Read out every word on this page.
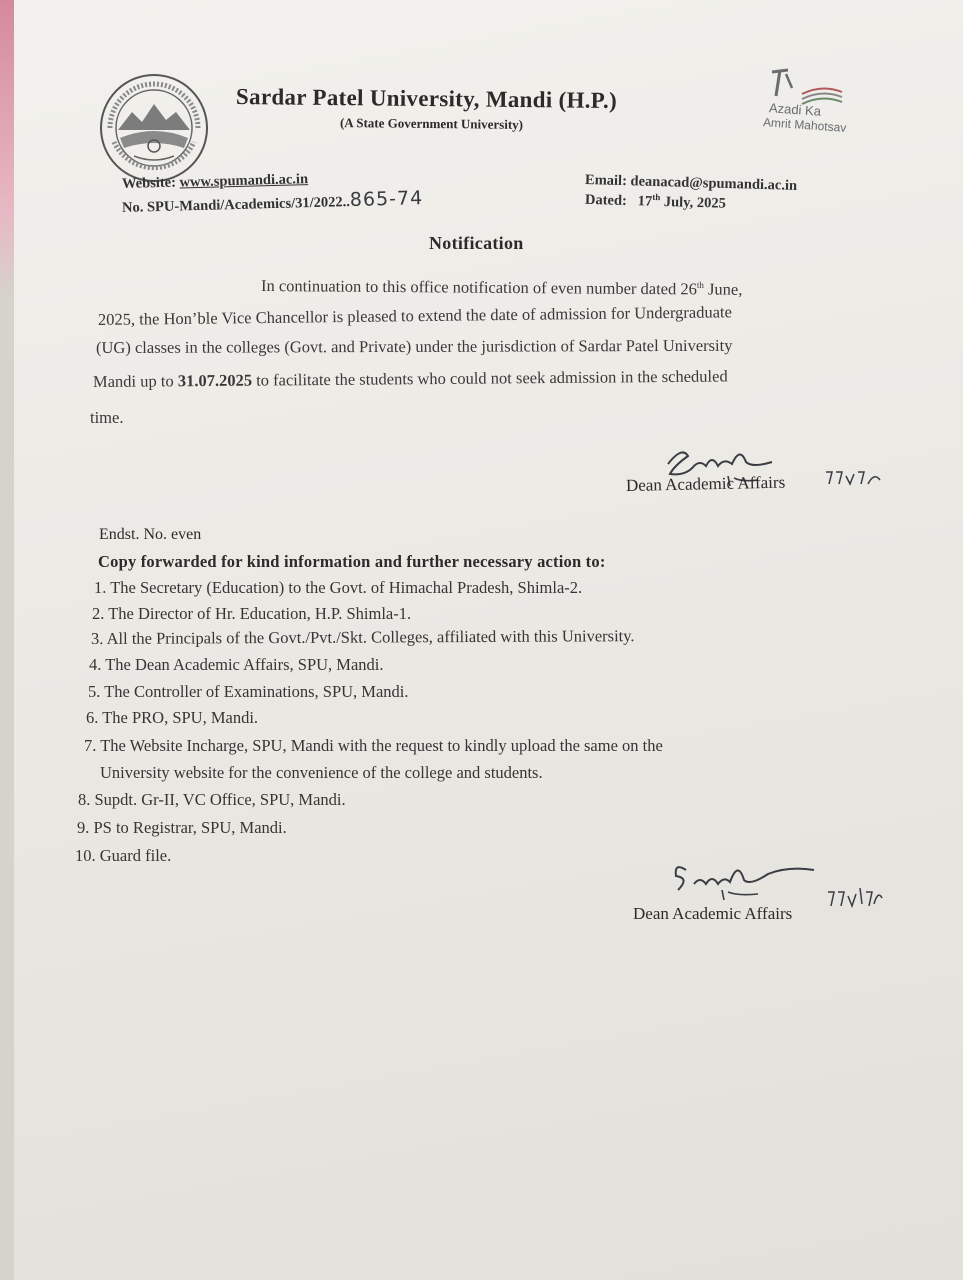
Sardar Patel University, Mandi (H.P.)
(A State Government University)
Azadi Ka
Amrit Mahotsav
Website: www.spumandi.ac.in
No. SPU-Mandi/Academics/31/2022..865-74
Email: deanacad@spumandi.ac.in
Dated: 17th July, 2025
Notification
In continuation to this office notification of even number dated 26th June,
2025, the Hon’ble Vice Chancellor is pleased to extend the date of admission for Undergraduate
(UG) classes in the colleges (Govt. and Private) under the jurisdiction of Sardar Patel University
Mandi up to 31.07.2025 to facilitate the students who could not seek admission in the scheduled
time.
Dean Academic Affairs
Endst. No. even
Copy forwarded for kind information and further necessary action to:
1. The Secretary (Education) to the Govt. of Himachal Pradesh, Shimla-2.
2. The Director of Hr. Education, H.P. Shimla-1.
3. All the Principals of the Govt./Pvt./Skt. Colleges, affiliated with this University.
4. The Dean Academic Affairs, SPU, Mandi.
5. The Controller of Examinations, SPU, Mandi.
6. The PRO, SPU, Mandi.
7. The Website Incharge, SPU, Mandi with the request to kindly upload the same on the
University website for the convenience of the college and students.
8. Supdt. Gr-II, VC Office, SPU, Mandi.
9. PS to Registrar, SPU, Mandi.
10. Guard file.
Dean Academic Affairs
